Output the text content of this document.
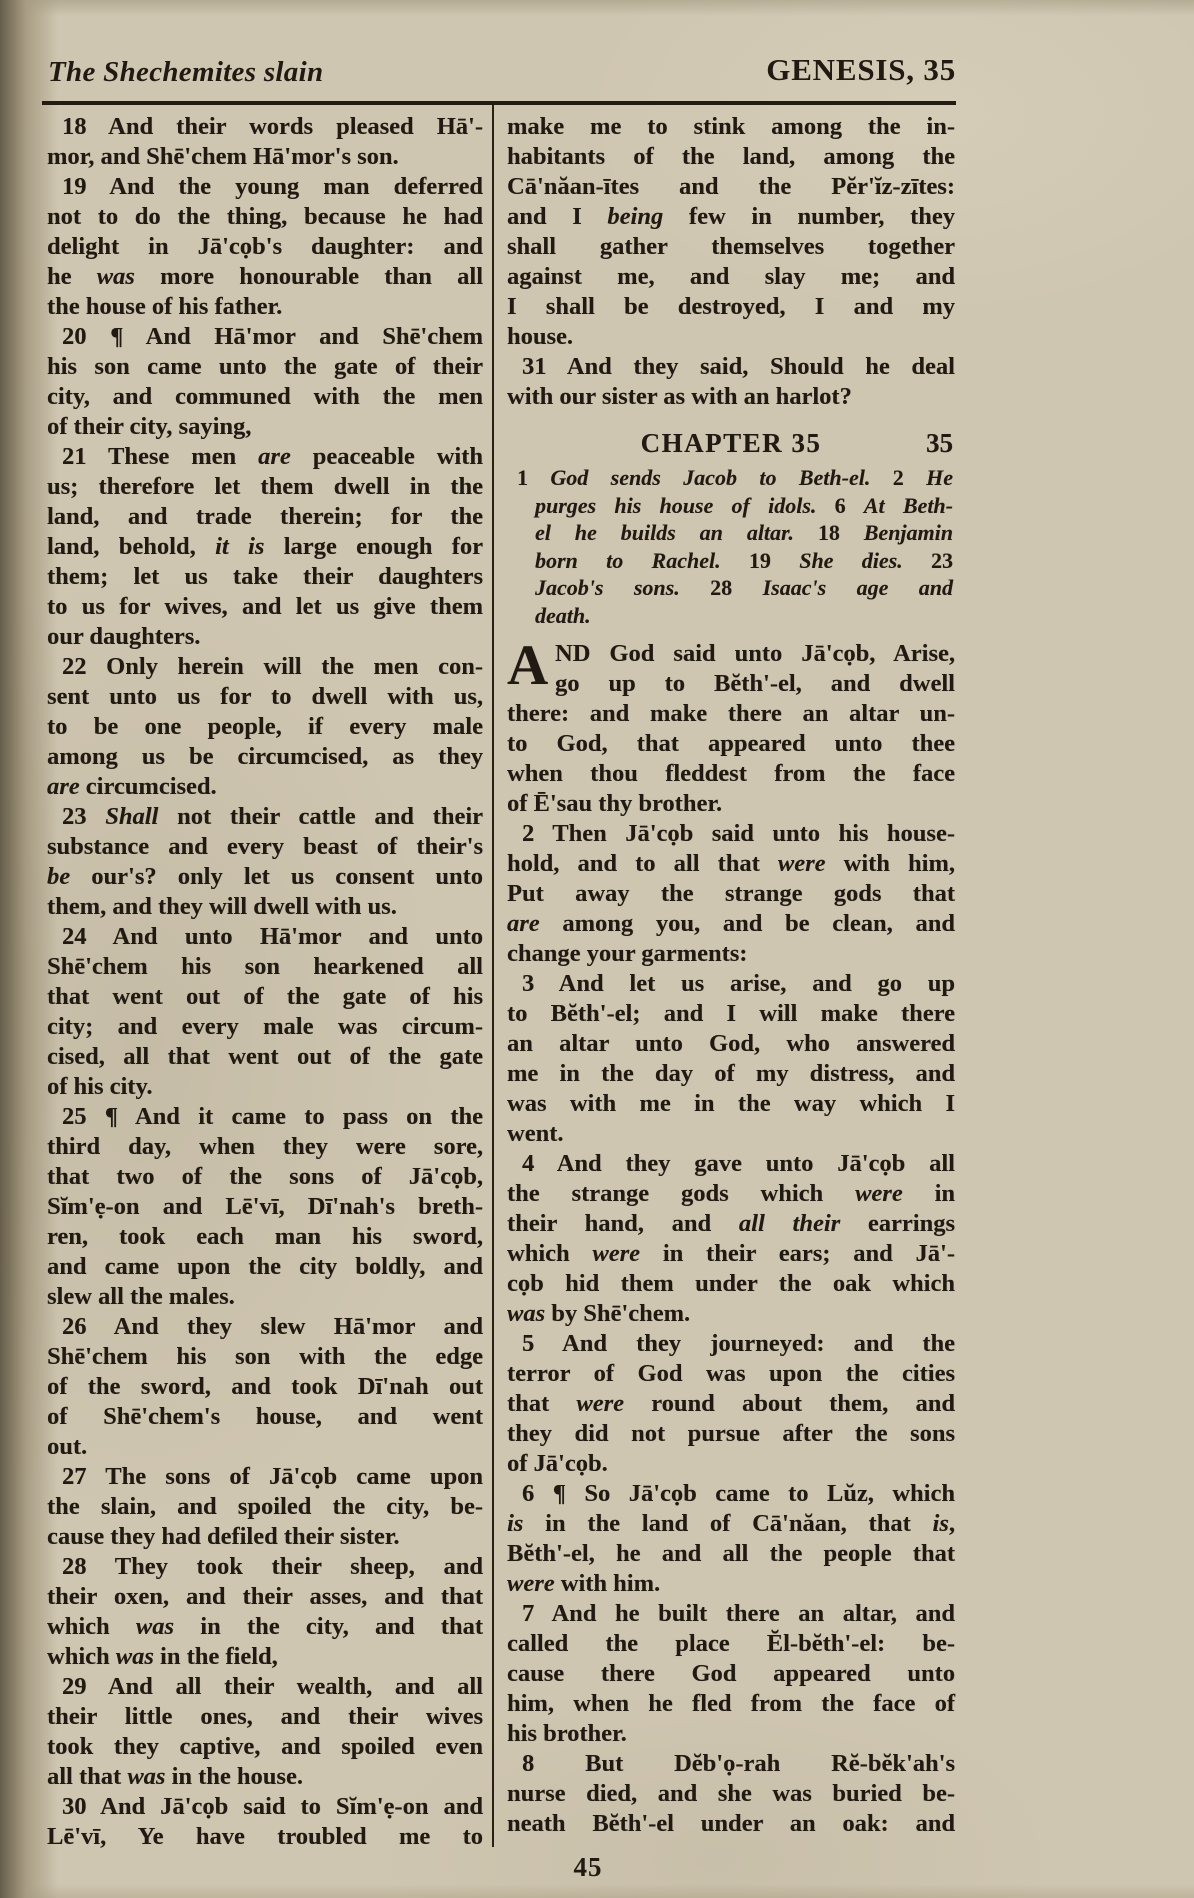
The Shechemites slain	GENESIS, 35
18 And their words pleased Hā'-
mor, and Shē'chem Hā'mor's son.
19 And the young man deferred
not to do the thing, because he had
delight in Jā'cọb's daughter: and
he was more honourable than all
the house of his father.
20 ¶ And Hā'mor and Shē'chem
his son came unto the gate of their
city, and communed with the men
of their city, saying,
21 These men are peaceable with
us; therefore let them dwell in the
land, and trade therein; for the
land, behold, it is large enough for
them; let us take their daughters
to us for wives, and let us give them
our daughters.
22 Only herein will the men con-
sent unto us for to dwell with us,
to be one people, if every male
among us be circumcised, as they
are circumcised.
23 Shall not their cattle and their
substance and every beast of their's
be our's? only let us consent unto
them, and they will dwell with us.
24 And unto Hā'mor and unto
Shē'chem his son hearkened all
that went out of the gate of his
city; and every male was circum-
cised, all that went out of the gate
of his city.
25 ¶ And it came to pass on the
third day, when they were sore,
that two of the sons of Jā'cọb,
Sĭm'ẹ-on and Lē'vī, Dī'nah's breth-
ren, took each man his sword,
and came upon the city boldly, and
slew all the males.
26 And they slew Hā'mor and
Shē'chem his son with the edge
of the sword, and took Dī'nah out
of Shē'chem's house, and went
out.
27 The sons of Jā'cọb came upon
the slain, and spoiled the city, be-
cause they had defiled their sister.
28 They took their sheep, and
their oxen, and their asses, and that
which was in the city, and that
which was in the field,
29 And all their wealth, and all
their little ones, and their wives
took they captive, and spoiled even
all that was in the house.
30 And Jā'cọb said to Sĭm'ẹ-on and
Lē'vī, Ye have troubled me to
make me to stink among the in-
habitants of the land, among the
Cā'năan-ītes and the Pĕr'ĭz-zītes:
and I being few in number, they
shall gather themselves together
against me, and slay me; and
I shall be destroyed, I and my
house.
31 And they said, Should he deal
with our sister as with an harlot?
CHAPTER 35	35
1 God sends Jacob to Beth-el. 2 He
purges his house of idols. 6 At Beth-
el he builds an altar. 18 Benjamin
born to Rachel. 19 She dies. 23
Jacob's sons. 28 Isaac's age and
death.
A ND God said unto Jā'cọb, Arise,
go up to Bĕth'-el, and dwell
there: and make there an altar un-
to God, that appeared unto thee
when thou fleddest from the face
of Ē'sau thy brother.
2 Then Jā'cọb said unto his house-
hold, and to all that were with him,
Put away the strange gods that
are among you, and be clean, and
change your garments:
3 And let us arise, and go up
to Bĕth'-el; and I will make there
an altar unto God, who answered
me in the day of my distress, and
was with me in the way which I
went.
4 And they gave unto Jā'cọb all
the strange gods which were in
their hand, and all their earrings
which were in their ears; and Jā'-
cọb hid them under the oak which
was by Shē'chem.
5 And they journeyed: and the
terror of God was upon the cities
that were round about them, and
they did not pursue after the sons
of Jā'cọb.
6 ¶ So Jā'cọb came to Lŭz, which
is in the land of Cā'năan, that is,
Bĕth'-el, he and all the people that
were with him.
7 And he built there an altar, and
called the place Ĕl-bĕth'-el: be-
cause there God appeared unto
him, when he fled from the face of
his brother.
8 But Dĕb'ọ-rah Rĕ-bĕk'ah's
nurse died, and she was buried be-
neath Bĕth'-el under an oak: and
45
